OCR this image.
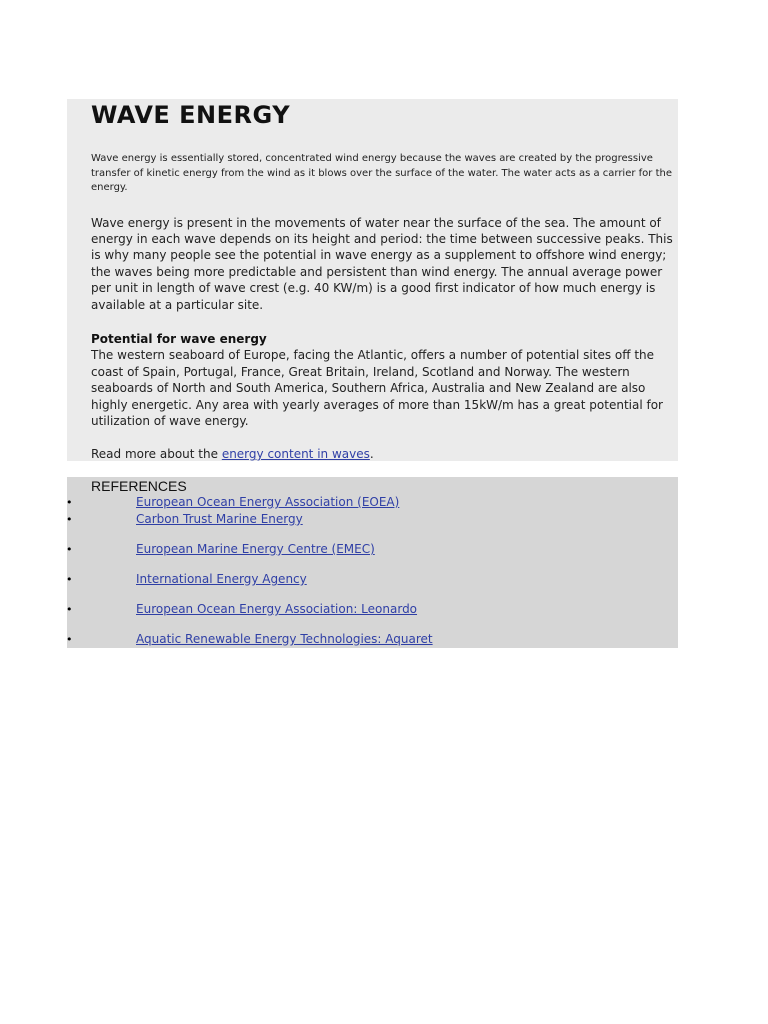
WAVE ENERGY

Wave energy is essentially stored, concentrated wind energy because the waves are created by the progressive transfer of kinetic energy from the wind as it blows over the surface of the water. The water acts as a carrier for the energy.

Wave energy is present in the movements of water near the surface of the sea. The amount of energy in each wave depends on its height and period: the time between successive peaks. This is why many people see the potential in wave energy as a supplement to offshore wind energy; the waves being more predictable and persistent than wind energy. The annual average power per unit in length of wave crest (e.g. 40 KW/m) is a good first indicator of how much energy is available at a particular site.

Potential for wave energy

The western seaboard of Europe, facing the Atlantic, offers a number of potential sites off the coast of Spain, Portugal, France, Great Britain, Ireland, Scotland and Norway. The western seaboards of North and South America, Southern Africa, Australia and New Zealand are also highly energetic. Any area with yearly averages of more than 15kW/m has a great potential for utilization of wave energy.

Read more about the energy content in waves.

REFERENCES
•	European Ocean Energy Association (EOEA)
•	Carbon Trust Marine Energy
•	European Marine Energy Centre (EMEC)
•	International Energy Agency
•	European Ocean Energy Association: Leonardo
•	Aquatic Renewable Energy Technologies: Aquaret
